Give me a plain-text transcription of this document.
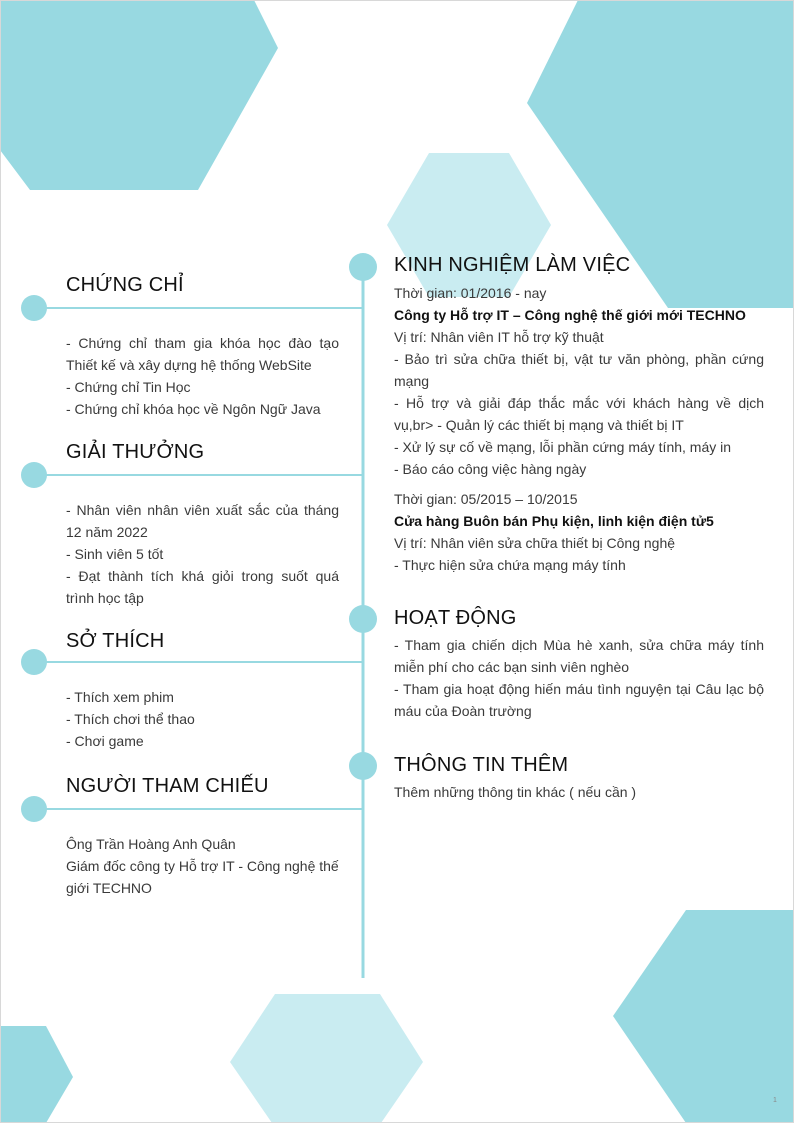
CHỨNG CHỈ

- Chứng chỉ tham gia khóa học đào tạo Thiết kế và xây dựng hệ thống WebSite

- Chứng chỉ Tin Học

- Chứng chỉ khóa học về Ngôn Ngữ Java

GIẢI THƯỞNG

- Nhân viên nhân viên xuất sắc của tháng 12 năm 2022

- Sinh viên 5 tốt

- Đạt thành tích khá giỏi trong suốt quá trình học tập

SỞ THÍCH

- Thích xem phim

- Thích chơi thể thao

- Chơi game

NGƯỜI THAM CHIẾU

Ông Trần Hoàng Anh Quân

Giám đốc công ty Hỗ trợ IT - Công nghệ thế giới TECHNO

KINH NGHIỆM LÀM VIỆC

Thời gian: 01/2016 - nay

Công ty Hỗ trợ IT – Công nghệ thế giới mới TECHNO

Vị trí: Nhân viên IT hỗ trợ kỹ thuật

- Bảo trì sửa chữa thiết bị, vật tư văn phòng, phần cứng mạng

- Hỗ trợ và giải đáp thắc mắc với khách hàng về dịch vụ,br> - Quản lý các thiết bị mạng và thiết bị IT

- Xử lý sự cố về mạng, lỗi phần cứng máy tính, máy in

- Báo cáo công việc hàng ngày

Thời gian: 05/2015 – 10/2015

Cửa hàng Buôn bán Phụ kiện, linh kiện điện tử5

Vị trí: Nhân viên sửa chữa thiết bị Công nghệ

- Thực hiện sửa chứa mạng máy tính

HOẠT ĐỘNG

- Tham gia chiến dịch Mùa hè xanh, sửa chữa máy tính miễn phí cho các bạn sinh viên nghèo

- Tham gia hoạt động hiến máu tình nguyện tại Câu lạc bộ máu của Đoàn trường

THÔNG TIN THÊM

Thêm những thông tin khác ( nếu cần )

1
